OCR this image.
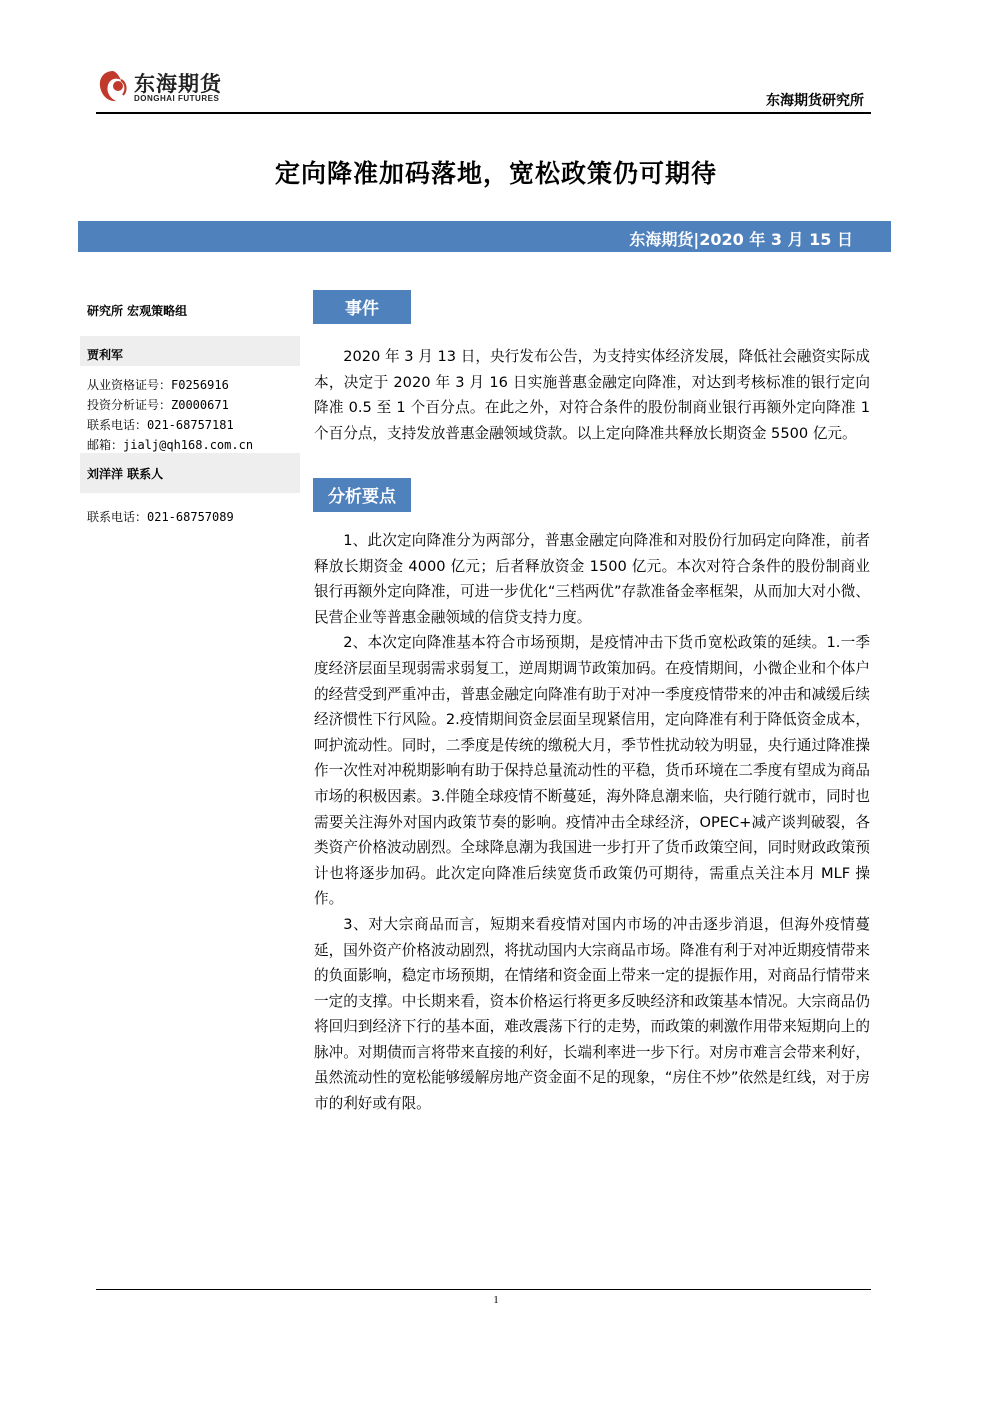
东海期货
DONGHAI FUTURES	东海期货研究所
定向降准加码落地，宽松政策仍可期待
东海期货|2020 年 3 月 15 日
研究所 宏观策略组
贾利军
从业资格证号：F0256916
投资分析证号：Z0000671
联系电话：021-68757181
邮箱：jialj@qh168.com.cn
刘洋洋 联系人
联系电话：021-68757089
事件

2020 年 3 月 13 日，央行发布公告，为支持实体经济发展，降低社会融资实际成本，决定于 2020 年 3 月 16 日实施普惠金融定向降准，对达到考核标准的银行定向降准 0.5 至 1 个百分点。在此之外，对符合条件的股份制商业银行再额外定向降准 1 个百分点，支持发放普惠金融领域贷款。以上定向降准共释放长期资金 5500 亿元。

分析要点

1、此次定向降准分为两部分，普惠金融定向降准和对股份行加码定向降准，前者释放长期资金 4000 亿元；后者释放资金 1500 亿元。本次对符合条件的股份制商业银行再额外定向降准，可进一步优化“三档两优”存款准备金率框架，从而加大对小微、民营企业等普惠金融领域的信贷支持力度。

2、本次定向降准基本符合市场预期，是疫情冲击下货币宽松政策的延续。1.一季度经济层面呈现弱需求弱复工，逆周期调节政策加码。在疫情期间，小微企业和个体户的经营受到严重冲击，普惠金融定向降准有助于对冲一季度疫情带来的冲击和减缓后续经济惯性下行风险。2.疫情期间资金层面呈现紧信用，定向降准有利于降低资金成本，呵护流动性。同时，二季度是传统的缴税大月，季节性扰动较为明显，央行通过降准操作一次性对冲税期影响有助于保持总量流动性的平稳，货币环境在二季度有望成为商品市场的积极因素。3.伴随全球疫情不断蔓延，海外降息潮来临，央行随行就市，同时也需要关注海外对国内政策节奏的影响。疫情冲击全球经济，OPEC+减产谈判破裂，各类资产价格波动剧烈。全球降息潮为我国进一步打开了货币政策空间，同时财政政策预计也将逐步加码。此次定向降准后续宽货币政策仍可期待，需重点关注本月 MLF 操作。

3、对大宗商品而言，短期来看疫情对国内市场的冲击逐步消退，但海外疫情蔓延，国外资产价格波动剧烈，将扰动国内大宗商品市场。降准有利于对冲近期疫情带来的负面影响，稳定市场预期，在情绪和资金面上带来一定的提振作用，对商品行情带来一定的支撑。中长期来看，资本价格运行将更多反映经济和政策基本情况。大宗商品仍将回归到经济下行的基本面，难改震荡下行的走势，而政策的刺激作用带来短期向上的脉冲。对期债而言将带来直接的利好，长端利率进一步下行。对房市难言会带来利好，虽然流动性的宽松能够缓解房地产资金面不足的现象，“房住不炒”依然是红线，对于房市的利好或有限。

1
